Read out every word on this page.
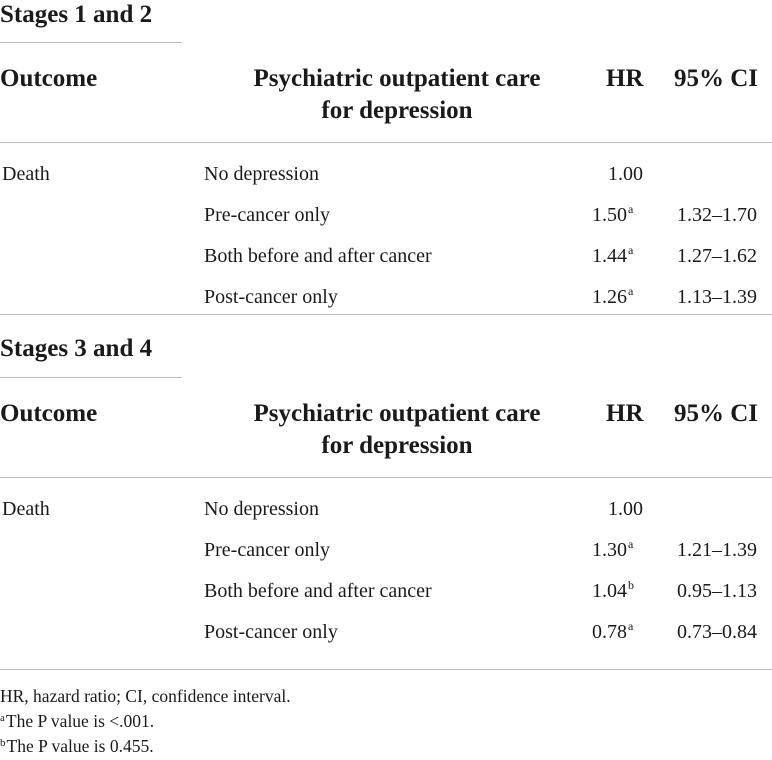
Stages 1 and 2
Outcome	Psychiatric outpatient care
for depression
HR 95% CI
Death	No depression	1.00
Pre-cancer only	1.50$^a$ 1.32–1.70
Both before and after cancer	1.44$^a$ 1.27–1.62
Post-cancer only	1.26$^a$ 1.13–1.39
Stages 3 and 4
Outcome	Psychiatric outpatient care
for depression
HR 95% CI
Death	No depression	1.00
Pre-cancer only	1.30$^a$ 1.21–1.39
Both before and after cancer	1.04$^b$ 0.95–1.13
Post-cancer only	0.78$^a$ 0.73–0.84
HR, hazard ratio; CI, confidence interval.
$^a$The P value is <.001.
$^b$The P value is 0.455.
